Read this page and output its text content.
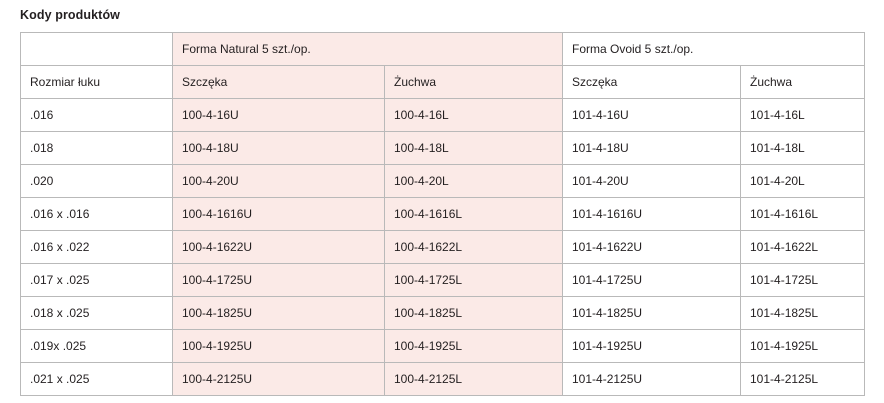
Kody produktów
	Forma Natural 5 szt./op.		Forma Ovoid 5 szt./op.	
Rozmiar łuku	Szczęka	Żuchwa	Szczęka	Żuchwa
.016	100-4-16U	100-4-16L	101-4-16U	101-4-16L
.018	100-4-18U	100-4-18L	101-4-18U	101-4-18L
.020	100-4-20U	100-4-20L	101-4-20U	101-4-20L
.016 x .016	100-4-1616U	100-4-1616L	101-4-1616U	101-4-1616L
.016 x .022	100-4-1622U	100-4-1622L	101-4-1622U	101-4-1622L
.017 x .025	100-4-1725U	100-4-1725L	101-4-1725U	101-4-1725L
.018 x .025	100-4-1825U	100-4-1825L	101-4-1825U	101-4-1825L
.019x .025	100-4-1925U	100-4-1925L	101-4-1925U	101-4-1925L
.021 x .025	100-4-2125U	100-4-2125L	101-4-2125U	101-4-2125L
